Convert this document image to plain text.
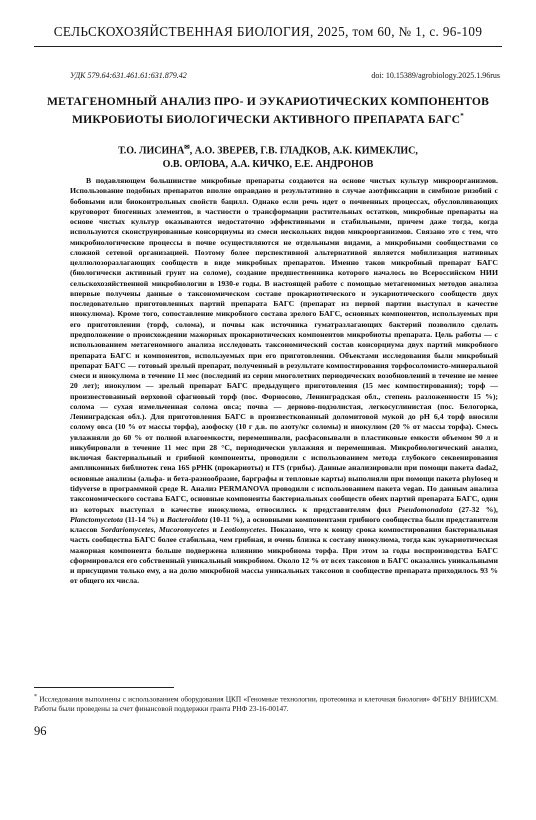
СЕЛЬСКОХОЗЯЙСТВЕННАЯ БИОЛОГИЯ, 2025, том 60, № 1, с. 96-109
УДК 579.64:631.461.61:631.879.42	doi: 10.15389/agrobiology.2025.1.96rus
МЕТАГЕНОМНЫЙ АНАЛИЗ ПРО- И ЭУКАРИОТИЧЕСКИХ КОМПОНЕНТОВ МИКРОБИОТЫ БИОЛОГИЧЕСКИ АКТИВНОГО ПРЕПАРАТА БАГС*
Т.О. ЛИСИНА✉, А.О. ЗВЕРЕВ, Г.В. ГЛАДКОВ, А.К. КИМЕКЛИС,
О.В. ОРЛОВА, А.А. КИЧКО, Е.Е. АНДРОНОВ

В подавляющем большинстве микробные препараты создаются на основе чистых культур микроорганизмов. Использование подобных препаратов вполне оправдано и результативно в случае азотфиксации в симбиозе ризобий с бобовыми или биоконтрольных свойств бацилл. Однако если речь идет о почвенных процессах, обусловливающих круговорот биогенных элементов, в частности о трансформации растительных остатков, микробные препараты на основе чистых культур оказываются недостаточно эффективными и стабильными, причем даже тогда, когда используются сконструированные консорциумы из смеси нескольких видов микроорганизмов. Связано это с тем, что микробиологические процессы в почве осуществляются не отдельными видами, а микробными сообществами со сложной сетевой организацией. Поэтому более перспективной альтернативой является мобилизация нативных целлюлозоразлагающих сообществ в виде микробных препаратов. Именно таков микробный препарат БАГС (биологически активный грунт на соломе), создание предшественника которого началось во Всероссийском НИИ сельскохозяйственной микробиологии в 1930-е годы. В настоящей работе с помощью метагеномных методов анализа впервые получены данные о таксономическом составе прокариотического и эукариотического сообществ двух последовательно приготовленных партий препарата БАГС (препарат из первой партии выступал в качестве инокулюма). Кроме того, сопоставление микробного состава зрелого БАГС, основных компонентов, используемых при его приготовлении (торф, солома), и почвы как источника гуматразлагающих бактерий позволило сделать предположение о происхождении мажорных прокариотических компонентов микробиоты препарата. Цель работы — с использованием метагеномного анализа исследовать таксономический состав консорциума двух партий микробного препарата БАГС и компонентов, используемых при его приготовлении. Объектами исследования были микробный препарат БАГС — готовый зрелый препарат, полученный в результате компостирования торфосоломисто-минеральной смеси и инокулюма в течение 11 мес (последний из серии многолетних периодических возобновлений в течение не менее 20 лет); инокулюм — зрелый препарат БАГС предыдущего приготовления (15 мес компостирования); торф — произвестованный верховой сфагновый торф (пос. Форносово, Ленинградская обл., степень разложенности 15 %); солома — сухая измельченная солома овса; почва — дерново-подзолистая, легкосуглинистая (пос. Белогорка, Ленинградская обл.). Для приготовления БАГС в произвесткованный доломитовой мукой до pH 6,4 торф вносили солому овса (10 % от массы торфа), азофоску (10 г д.в. по азоту/кг соломы) и инокулюм (20 % от массы торфа). Смесь увлажняли до 60 % от полной влагоемкости, перемешивали, расфасовывали в пластиковые емкости объемом 90 л и инкубировали в течение 11 мес при 28 °С, периодически увлажняя и перемешивая. Микробиологический анализ, включая бактериальный и грибной компоненты, проводили с использованием метода глубокого секвенирования ампликонных библиотек гена 16S рРНК (прокариоты) и ITS (грибы). Данные анализировали при помощи пакета dada2, основные анализы (альфа- и бета-разнообразие, барграфы и тепловые карты) выполняли при помощи пакета phyloseq и tidyverse в программной среде R. Анализ PERMANOVA проводили с использованием пакета vegan. По данным анализа таксономического состава БАГС, основные компоненты бактериальных сообществ обеих партий препарата БАГС, один из которых выступал в качестве инокулюма, относились к представителям фил Pseudomonadota (27-32 %), Planctomycetota (11-14 %) и Bacteroidota (10-11 %), а основными компонентами грибного сообщества были представители классов Sordariomycetes, Mucoromycetes и Leotiomycetes. Показано, что к концу срока компостирования бактериальная часть сообщества БАГС более стабильна, чем грибная, и очень близка к составу инокулюма, тогда как эукариотическая мажорная компонента больше подвержена влиянию микробиома торфа. При этом за годы воспроизводства БАГС сформировался его собственный уникальный микробиом. Около 12 % от всех таксонов в БАГС оказались уникальными и присущими только ему, а на долю микробной массы уникальных таксонов в сообществе препарата приходилось 93 % от общего их числа.

* Исследования выполнены с использованием оборудования ЦКП «Геномные технологии, протеомика и клеточная биология» ФГБНУ ВНИИСХМ. Работы были проведены за счет финансовой поддержки гранта РНФ 23-16-00147.

96
